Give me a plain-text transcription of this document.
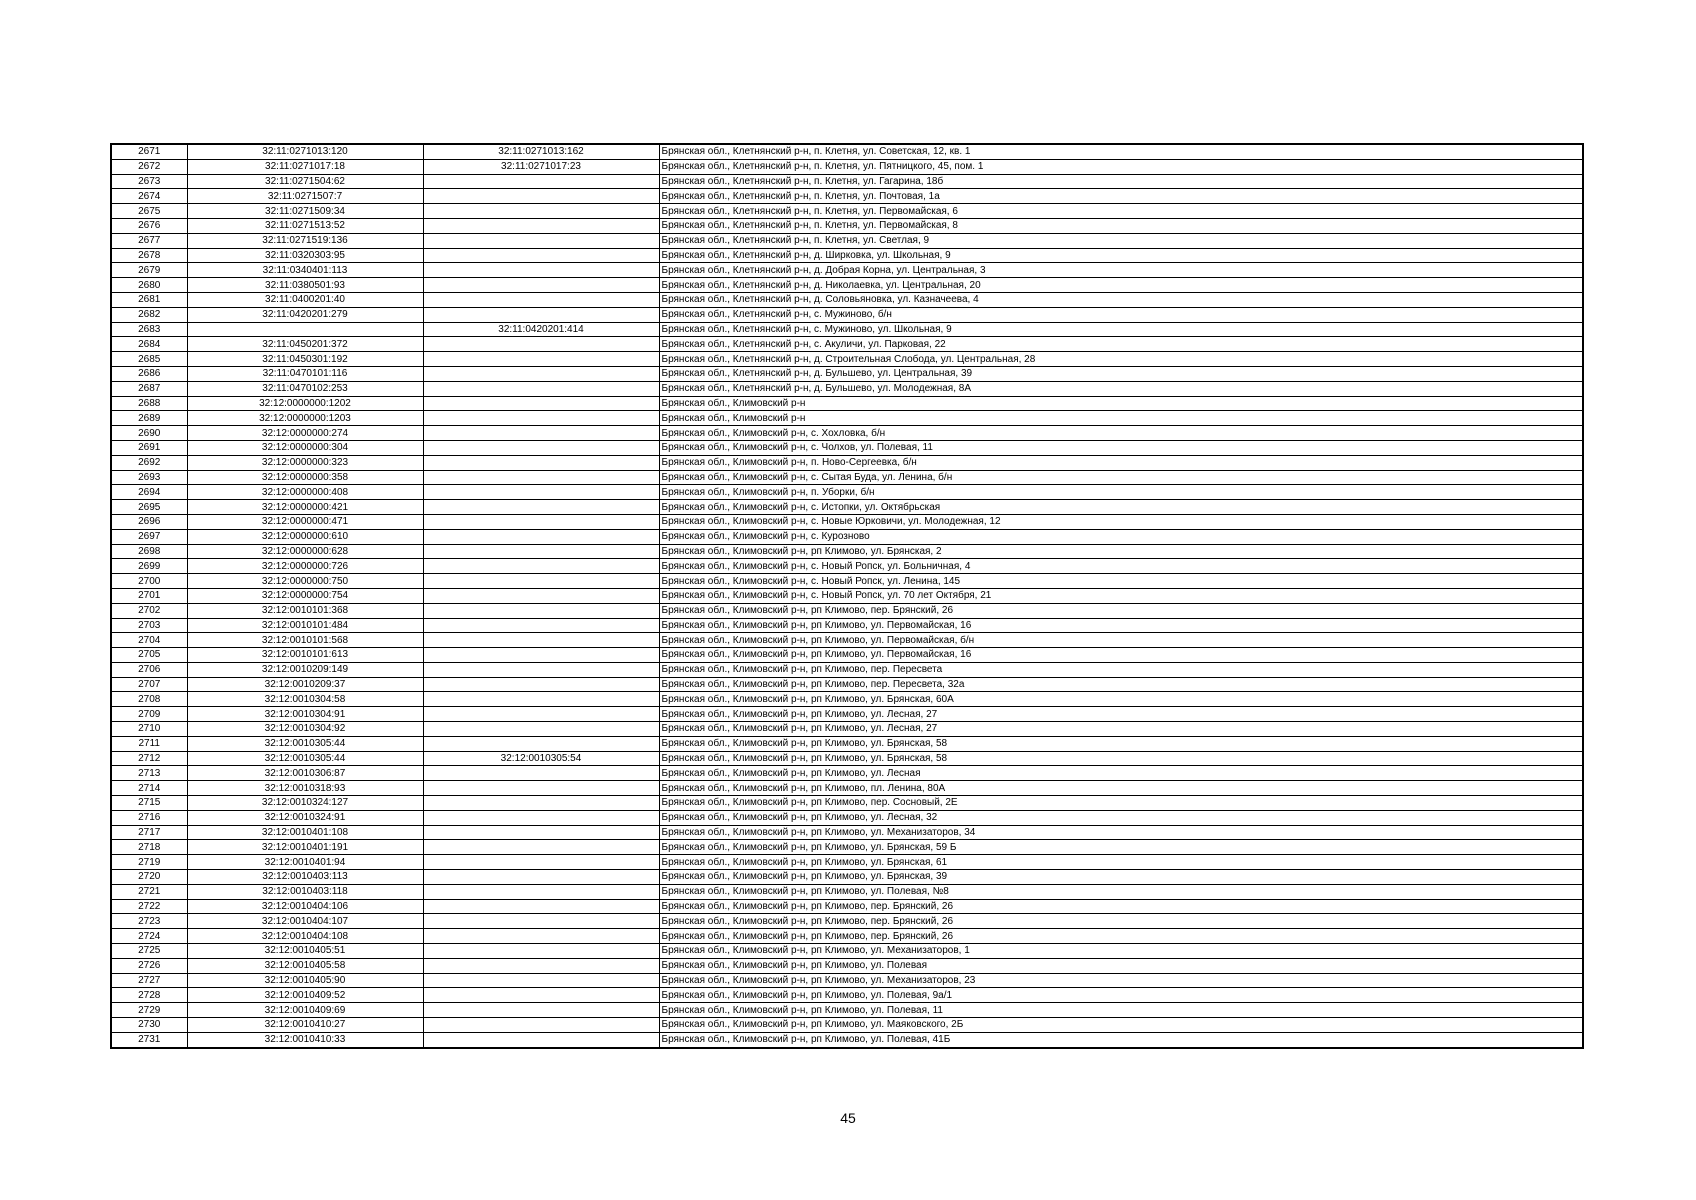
2671	32:11:0271013:120	32:11:0271013:162	Брянская обл., Клетнянский р-н, п. Клетня, ул. Советская, 12, кв. 1
2672	32:11:0271017:18	32:11:0271017:23	Брянская обл., Клетнянский р-н, п. Клетня, ул. Пятницкого, 45, пом. 1
2673	32:11:0271504:62		Брянская обл., Клетнянский р-н, п. Клетня, ул. Гагарина, 18б
2674	32:11:0271507:7		Брянская обл., Клетнянский р-н, п. Клетня, ул. Почтовая, 1а
2675	32:11:0271509:34		Брянская обл., Клетнянский р-н, п. Клетня, ул. Первомайская, 6
2676	32:11:0271513:52		Брянская обл., Клетнянский р-н, п. Клетня, ул. Первомайская, 8
2677	32:11:0271519:136		Брянская обл., Клетнянский р-н, п. Клетня, ул. Светлая, 9
2678	32:11:0320303:95		Брянская обл., Клетнянский р-н, д. Ширковка, ул. Школьная, 9
2679	32:11:0340401:113		Брянская обл., Клетнянский р-н, д. Добрая Корна, ул. Центральная, 3
2680	32:11:0380501:93		Брянская обл., Клетнянский р-н, д. Николаевка, ул. Центральная, 20
2681	32:11:0400201:40		Брянская обл., Клетнянский р-н, д. Соловьяновка, ул. Казначеева, 4
2682	32:11:0420201:279		Брянская обл., Клетнянский р-н, с. Мужиново, б/н
2683		32:11:0420201:414	Брянская обл., Клетнянский р-н, с. Мужиново, ул. Школьная, 9
2684	32:11:0450201:372		Брянская обл., Клетнянский р-н, с. Акуличи, ул. Парковая, 22
2685	32:11:0450301:192		Брянская обл., Клетнянский р-н, д. Строительная Слобода, ул. Центральная, 28
2686	32:11:0470101:116		Брянская обл., Клетнянский р-н, д. Бульшево, ул. Центральная, 39
2687	32:11:0470102:253		Брянская обл., Клетнянский р-н, д. Бульшево, ул. Молодежная, 8А
2688	32:12:0000000:1202		Брянская обл., Климовский р-н
2689	32:12:0000000:1203		Брянская обл., Климовский р-н
2690	32:12:0000000:274		Брянская обл., Климовский р-н, с. Хохловка, б/н
2691	32:12:0000000:304		Брянская обл., Климовский р-н, с. Чолхов, ул. Полевая, 11
2692	32:12:0000000:323		Брянская обл., Климовский р-н, п. Ново-Сергеевка, б/н
2693	32:12:0000000:358		Брянская обл., Климовский р-н, с. Сытая Буда, ул. Ленина, б/н
2694	32:12:0000000:408		Брянская обл., Климовский р-н, п. Уборки, б/н
2695	32:12:0000000:421		Брянская обл., Климовский р-н, с. Истопки, ул. Октябрьская
2696	32:12:0000000:471		Брянская обл., Климовский р-н, с. Новые Юрковичи, ул. Молодежная, 12
2697	32:12:0000000:610		Брянская обл., Климовский р-н, с. Курозново
2698	32:12:0000000:628		Брянская обл., Климовский р-н, рп Климово, ул. Брянская, 2
2699	32:12:0000000:726		Брянская обл., Климовский р-н, с. Новый Ропск, ул. Больничная, 4
2700	32:12:0000000:750		Брянская обл., Климовский р-н, с. Новый Ропск, ул. Ленина, 145
2701	32:12:0000000:754		Брянская обл., Климовский р-н, с. Новый Ропск, ул. 70 лет Октября, 21
2702	32:12:0010101:368		Брянская обл., Климовский р-н, рп Климово, пер. Брянский, 26
2703	32:12:0010101:484		Брянская обл., Климовский р-н, рп Климово, ул. Первомайская, 16
2704	32:12:0010101:568		Брянская обл., Климовский р-н, рп Климово, ул. Первомайская, б/н
2705	32:12:0010101:613		Брянская обл., Климовский р-н, рп Климово, ул. Первомайская, 16
2706	32:12:0010209:149		Брянская обл., Климовский р-н, рп Климово, пер. Пересвета
2707	32:12:0010209:37		Брянская обл., Климовский р-н, рп Климово, пер. Пересвета, 32а
2708	32:12:0010304:58		Брянская обл., Климовский р-н, рп Климово, ул. Брянская, 60А
2709	32:12:0010304:91		Брянская обл., Климовский р-н, рп Климово, ул. Лесная, 27
2710	32:12:0010304:92		Брянская обл., Климовский р-н, рп Климово, ул. Лесная, 27
2711	32:12:0010305:44		Брянская обл., Климовский р-н, рп Климово, ул. Брянская, 58
2712	32:12:0010305:44	32:12:0010305:54	Брянская обл., Климовский р-н, рп Климово, ул. Брянская, 58
2713	32:12:0010306:87		Брянская обл., Климовский р-н, рп Климово, ул. Лесная
2714	32:12:0010318:93		Брянская обл., Климовский р-н, рп Климово, пл. Ленина, 80А
2715	32:12:0010324:127		Брянская обл., Климовский р-н, рп Климово, пер. Сосновый, 2Е
2716	32:12:0010324:91		Брянская обл., Климовский р-н, рп Климово, ул. Лесная, 32
2717	32:12:0010401:108		Брянская обл., Климовский р-н, рп Климово, ул. Механизаторов, 34
2718	32:12:0010401:191		Брянская обл., Климовский р-н, рп Климово, ул. Брянская, 59 Б
2719	32:12:0010401:94		Брянская обл., Климовский р-н, рп Климово, ул. Брянская, 61
2720	32:12:0010403:113		Брянская обл., Климовский р-н, рп Климово, ул. Брянская, 39
2721	32:12:0010403:118		Брянская обл., Климовский р-н, рп Климово, ул. Полевая, №8
2722	32:12:0010404:106		Брянская обл., Климовский р-н, рп Климово, пер. Брянский, 26
2723	32:12:0010404:107		Брянская обл., Климовский р-н, рп Климово, пер. Брянский, 26
2724	32:12:0010404:108		Брянская обл., Климовский р-н, рп Климово, пер. Брянский, 26
2725	32:12:0010405:51		Брянская обл., Климовский р-н, рп Климово, ул. Механизаторов, 1
2726	32:12:0010405:58		Брянская обл., Климовский р-н, рп Климово, ул. Полевая
2727	32:12:0010405:90		Брянская обл., Климовский р-н, рп Климово, ул. Механизаторов, 23
2728	32:12:0010409:52		Брянская обл., Климовский р-н, рп Климово, ул. Полевая, 9а/1
2729	32:12:0010409:69		Брянская обл., Климовский р-н, рп Климово, ул. Полевая, 11
2730	32:12:0010410:27		Брянская обл., Климовский р-н, рп Климово, ул. Маяковского, 2Б
2731	32:12:0010410:33		Брянская обл., Климовский р-н, рп Климово, ул. Полевая, 41Б
45
